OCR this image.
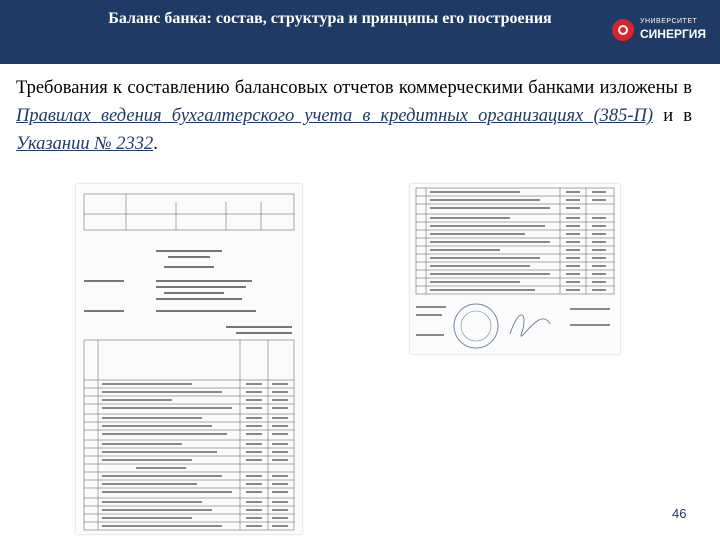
Баланс банка: состав, структура и принципы его построения	УНИВЕРСИТЕТ
СИНЕРГИЯ
Требования к составлению балансовых отчетов коммерческими банками изложены в Правилах ведения бухгалтерского учета в кредитных организациях (385-П) и в Указании № 2332.
46
